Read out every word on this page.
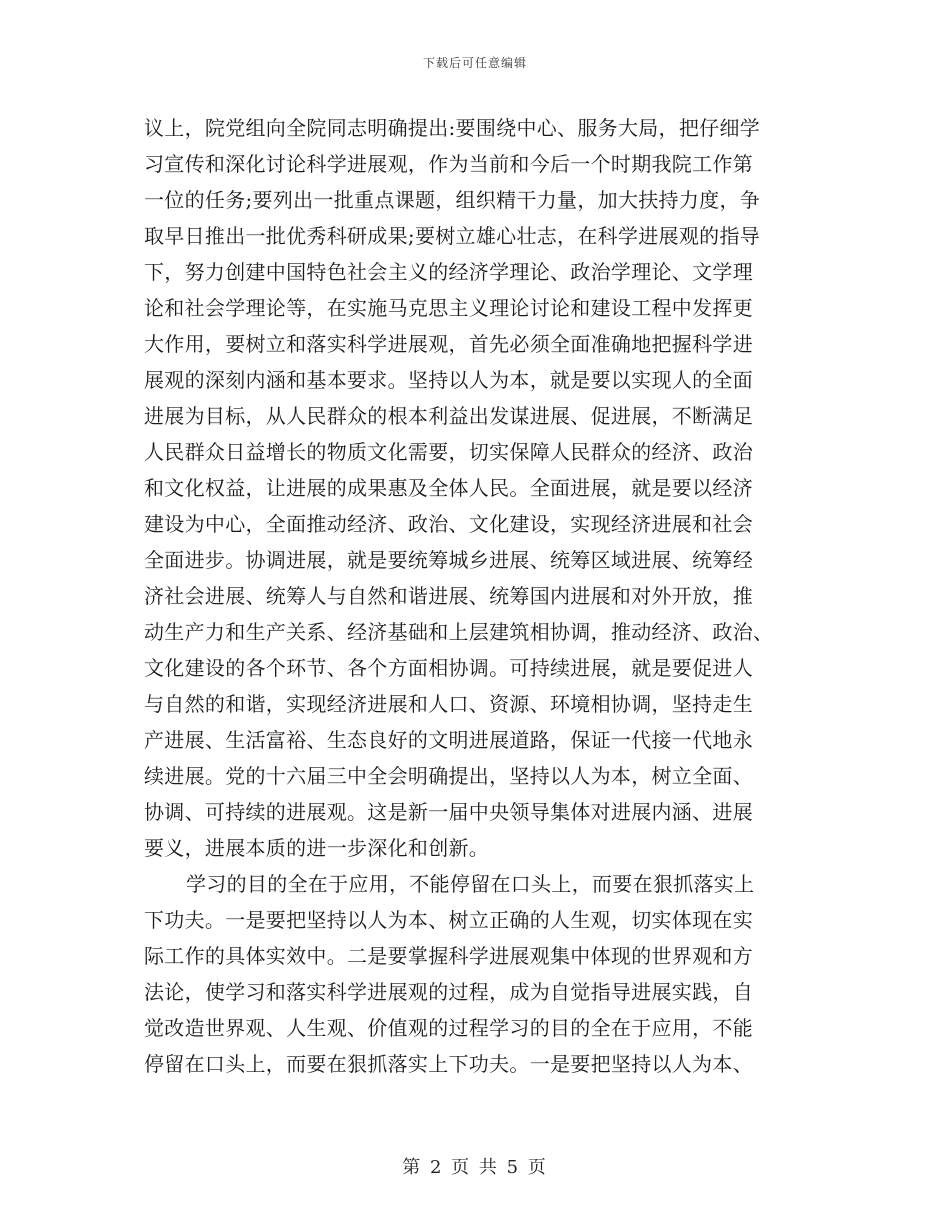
下载后可任意编辑
议上，院党组向全院同志明确提出:要围绕中心、服务大局，把仔细学
习宣传和深化讨论科学进展观，作为当前和今后一个时期我院工作第
一位的任务;要列出一批重点课题，组织精干力量，加大扶持力度，争
取早日推出一批优秀科研成果;要树立雄心壮志，在科学进展观的指导
下，努力创建中国特色社会主义的经济学理论、政治学理论、文学理
论和社会学理论等，在实施马克思主义理论讨论和建设工程中发挥更
大作用，要树立和落实科学进展观，首先必须全面准确地把握科学进
展观的深刻内涵和基本要求。坚持以人为本，就是要以实现人的全面
进展为目标，从人民群众的根本利益出发谋进展、促进展，不断满足
人民群众日益增长的物质文化需要，切实保障人民群众的经济、政治
和文化权益，让进展的成果惠及全体人民。全面进展，就是要以经济
建设为中心，全面推动经济、政治、文化建设，实现经济进展和社会
全面进步。协调进展，就是要统筹城乡进展、统筹区域进展、统筹经
济社会进展、统筹人与自然和谐进展、统筹国内进展和对外开放，推
动生产力和生产关系、经济基础和上层建筑相协调，推动经济、政治、
文化建设的各个环节、各个方面相协调。可持续进展，就是要促进人
与自然的和谐，实现经济进展和人口、资源、环境相协调，坚持走生
产进展、生活富裕、生态良好的文明进展道路，保证一代接一代地永
续进展。党的十六届三中全会明确提出，坚持以人为本，树立全面、
协调、可持续的进展观。这是新一届中央领导集体对进展内涵、进展
要义，进展本质的进一步深化和创新。
学习的目的全在于应用，不能停留在口头上，而要在狠抓落实上
下功夫。一是要把坚持以人为本、树立正确的人生观，切实体现在实
际工作的具体实效中。二是要掌握科学进展观集中体现的世界观和方
法论，使学习和落实科学进展观的过程，成为自觉指导进展实践，自
觉改造世界观、人生观、价值观的过程学习的目的全在于应用，不能
停留在口头上，而要在狠抓落实上下功夫。一是要把坚持以人为本、
第 2 页 共 5 页
